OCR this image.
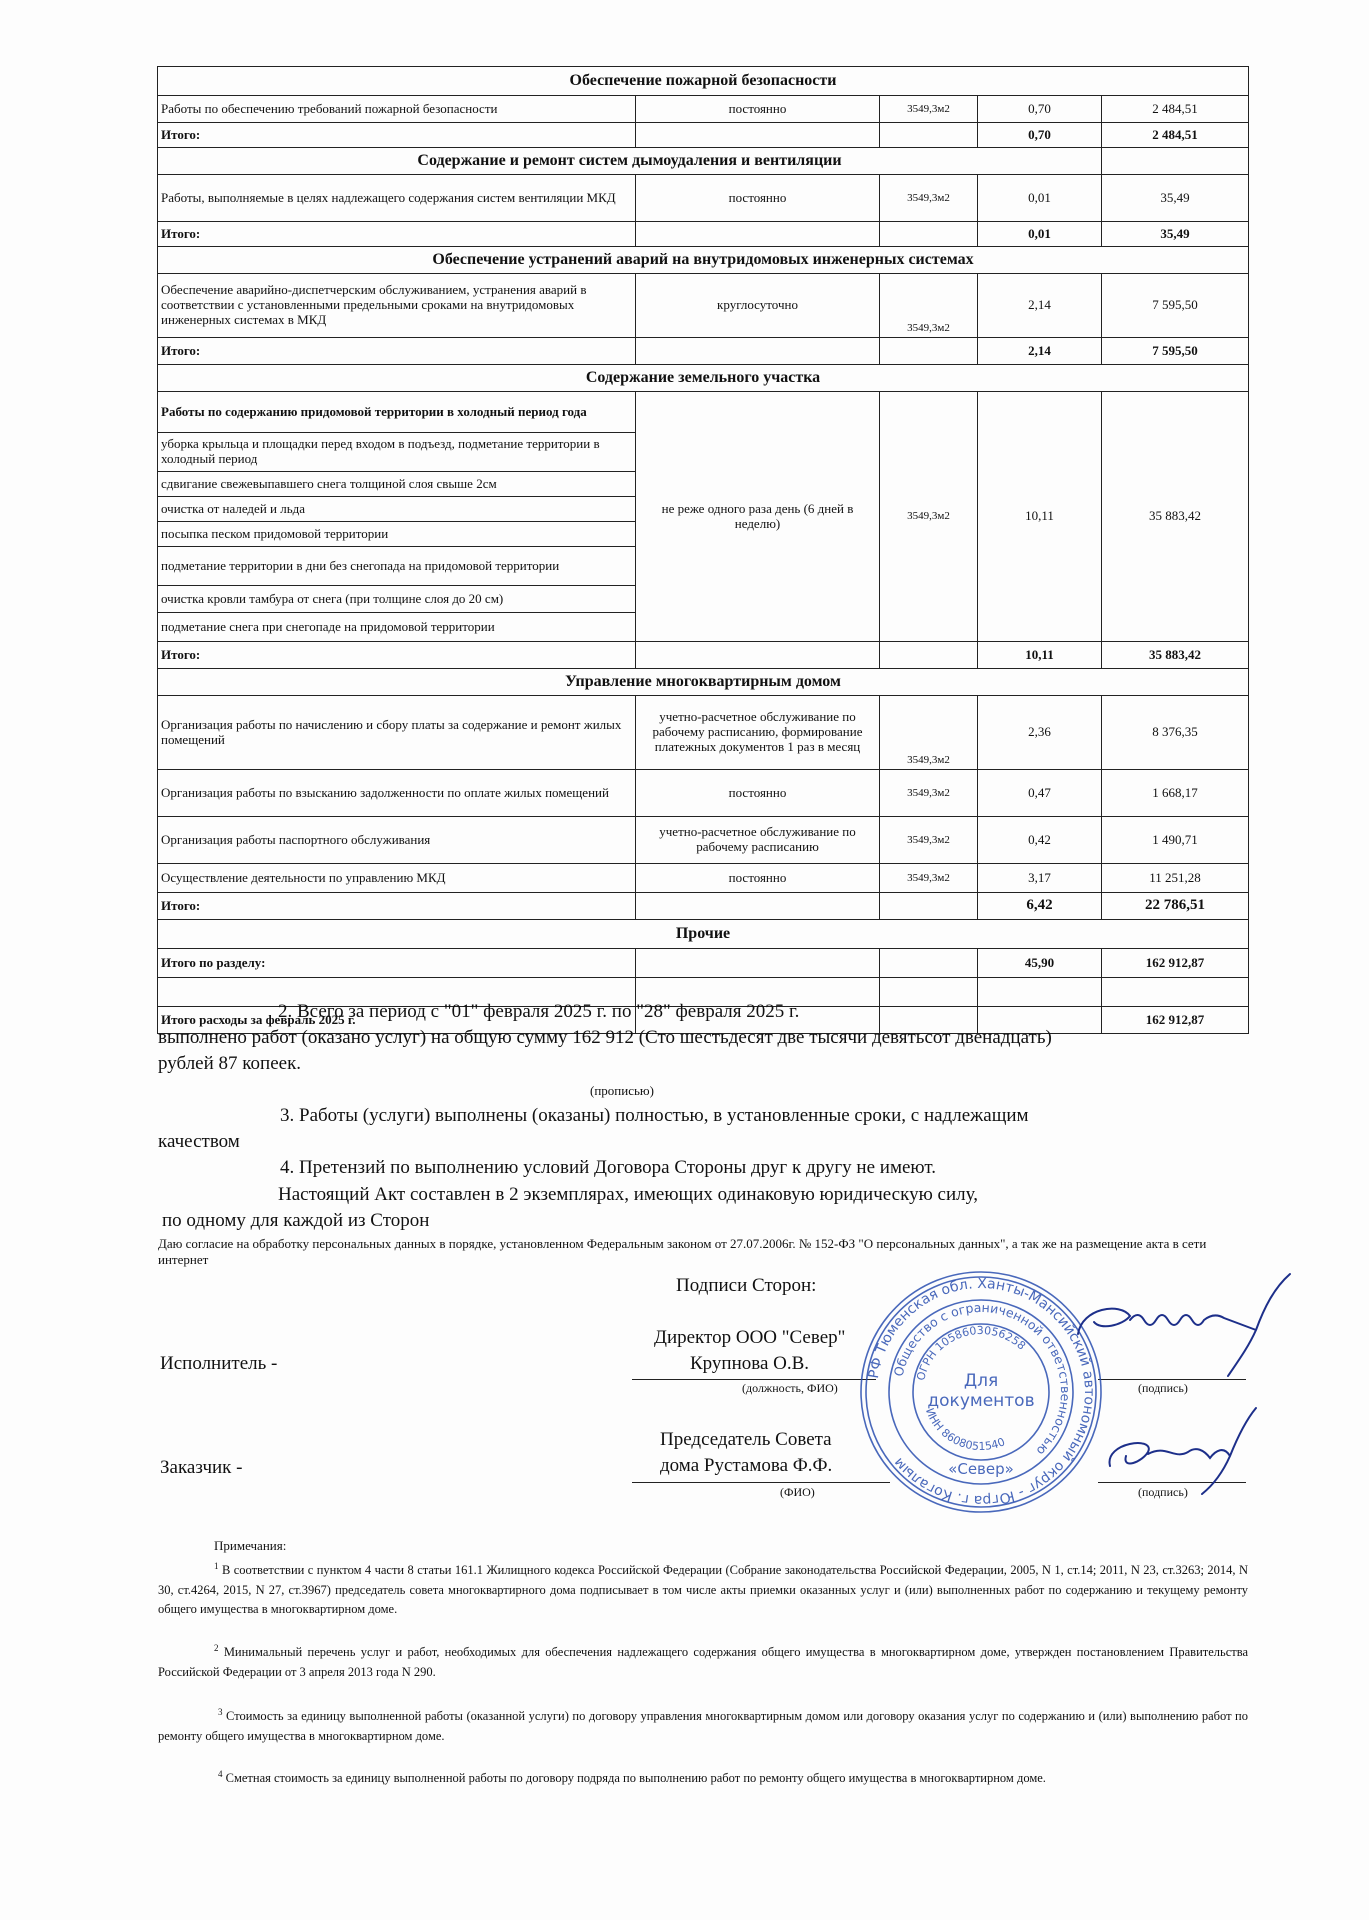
Обеспечение пожарной безопасности				
Работы по обеспечению требований пожарной безопасности	постоянно	3549,3м2	0,70	2 484,51
Итого:			0,70	2 484,51
Содержание и ремонт систем дымоудаления и вентиляции				
Работы, выполняемые в целях надлежащего содержания систем вентиляции МКД	постоянно	3549,3м2	0,01	35,49
Итого:			0,01	35,49
Обеспечение устранений аварий на внутридомовых инженерных системах				
Обеспечение аварийно-диспетчерским обслуживанием, устранения аварий в соответствии с установленными предельными сроками на внутридомовых инженерных системах в МКД	круглосуточно	3549,3м2	2,14	7 595,50
Итого:			2,14	7 595,50
Содержание земельного участка				
Работы по содержанию придомовой территории в холодный период года	не реже одного раза день (6 дней в неделю)	3549,3м2	10,11	35 883,42
уборка крыльца и площадки перед входом в подъезд, подметание территории в холодный период				
сдвигание свежевыпавшего снега толщиной слоя свыше 2см				
очистка от наледей и льда				
посыпка песком придомовой территории				
подметание территории в дни без снегопада на придомовой территории				
очистка кровли тамбура от снега (при толщине слоя до 20 см)				
подметание снега при снегопаде на придомовой территории				
Итого:			10,11	35 883,42
Управление многоквартирным домом				
Организация работы по начислению и сбору платы за содержание и ремонт жилых помещений	учетно-расчетное обслуживание по рабочему расписанию, формирование платежных документов 1 раз в месяц	3549,3м2	2,36	8 376,35
Организация работы по взысканию задолженности по оплате жилых помещений	постоянно	3549,3м2	0,47	1 668,17
Организация работы паспортного обслуживания	учетно-расчетное обслуживание по рабочему расписанию	3549,3м2	0,42	1 490,71
Осуществление деятельности по управлению МКД	постоянно	3549,3м2	3,17	11 251,28
Итого:			6,42	22 786,51
Прочие				
Итого по разделу:			45,90	162 912,87

Итого расходы за февраль 2025 г.				162 912,87
2. Всего за период с "01" февраля 2025 г. по "28" февраля 2025 г.
выполнено работ (оказано услуг) на общую сумму 162 912 (Сто шестьдесят две тысячи девятьсот двенадцать)
рублей 87 копеек.
(прописью)
3. Работы (услуги) выполнены (оказаны) полностью, в установленные сроки, с надлежащим
качеством
4. Претензий по выполнению условий Договора Стороны друг к другу не имеют.
Настоящий Акт составлен в 2 экземплярах, имеющих одинаковую юридическую силу,
по одному для каждой из Сторон
Даю согласие на обработку персональных данных в порядке, установленном Федеральным законом от 27.07.2006г. № 152-ФЗ "О персональных данных", а так же на размещение акта в сети интернет
Подписи Сторон:
Директор ООО "Север"
Исполнитель -	Крупнова О.В.
(должность, ФИО)	(подпись)
Председатель Совета
Заказчик -	дома Рустамова Ф.Ф.
(ФИО)	(подпись)
РФ Тюменская обл. Ханты-Мансийский автономный округ - Югра г. Когалым
Общество с ограниченной ответственностью
ОГРН 1058603056258
ИНН 8608051540
Для
документов
«Север»
Примечания:
$^1$ В соответствии с пунктом 4 части 8 статьи 161.1 Жилищного кодекса Российской Федерации (Собрание законодательства Российской Федерации, 2005, N 1, ст.14; 2011, N 23, ст.3263; 2014, N 30, ст.4264, 2015, N 27, ст.3967) председатель совета многоквартирного дома подписывает в том числе акты приемки оказанных услуг и (или) выполненных работ по содержанию и текущему ремонту общего имущества в многоквартирном доме.
$^2$ Минимальный перечень услуг и работ, необходимых для обеспечения надлежащего содержания общего имущества в многоквартирном доме, утвержден постановлением Правительства Российской Федерации от 3 апреля 2013 года N 290.
$^3$ Стоимость за единицу выполненной работы (оказанной услуги) по договору управления многоквартирным домом или договору оказания услуг по содержанию и (или) выполнению работ по ремонту общего имущества в многоквартирном доме.
$^4$ Сметная стоимость за единицу выполненной работы по договору подряда по выполнению работ по ремонту общего имущества в многоквартирном доме.
